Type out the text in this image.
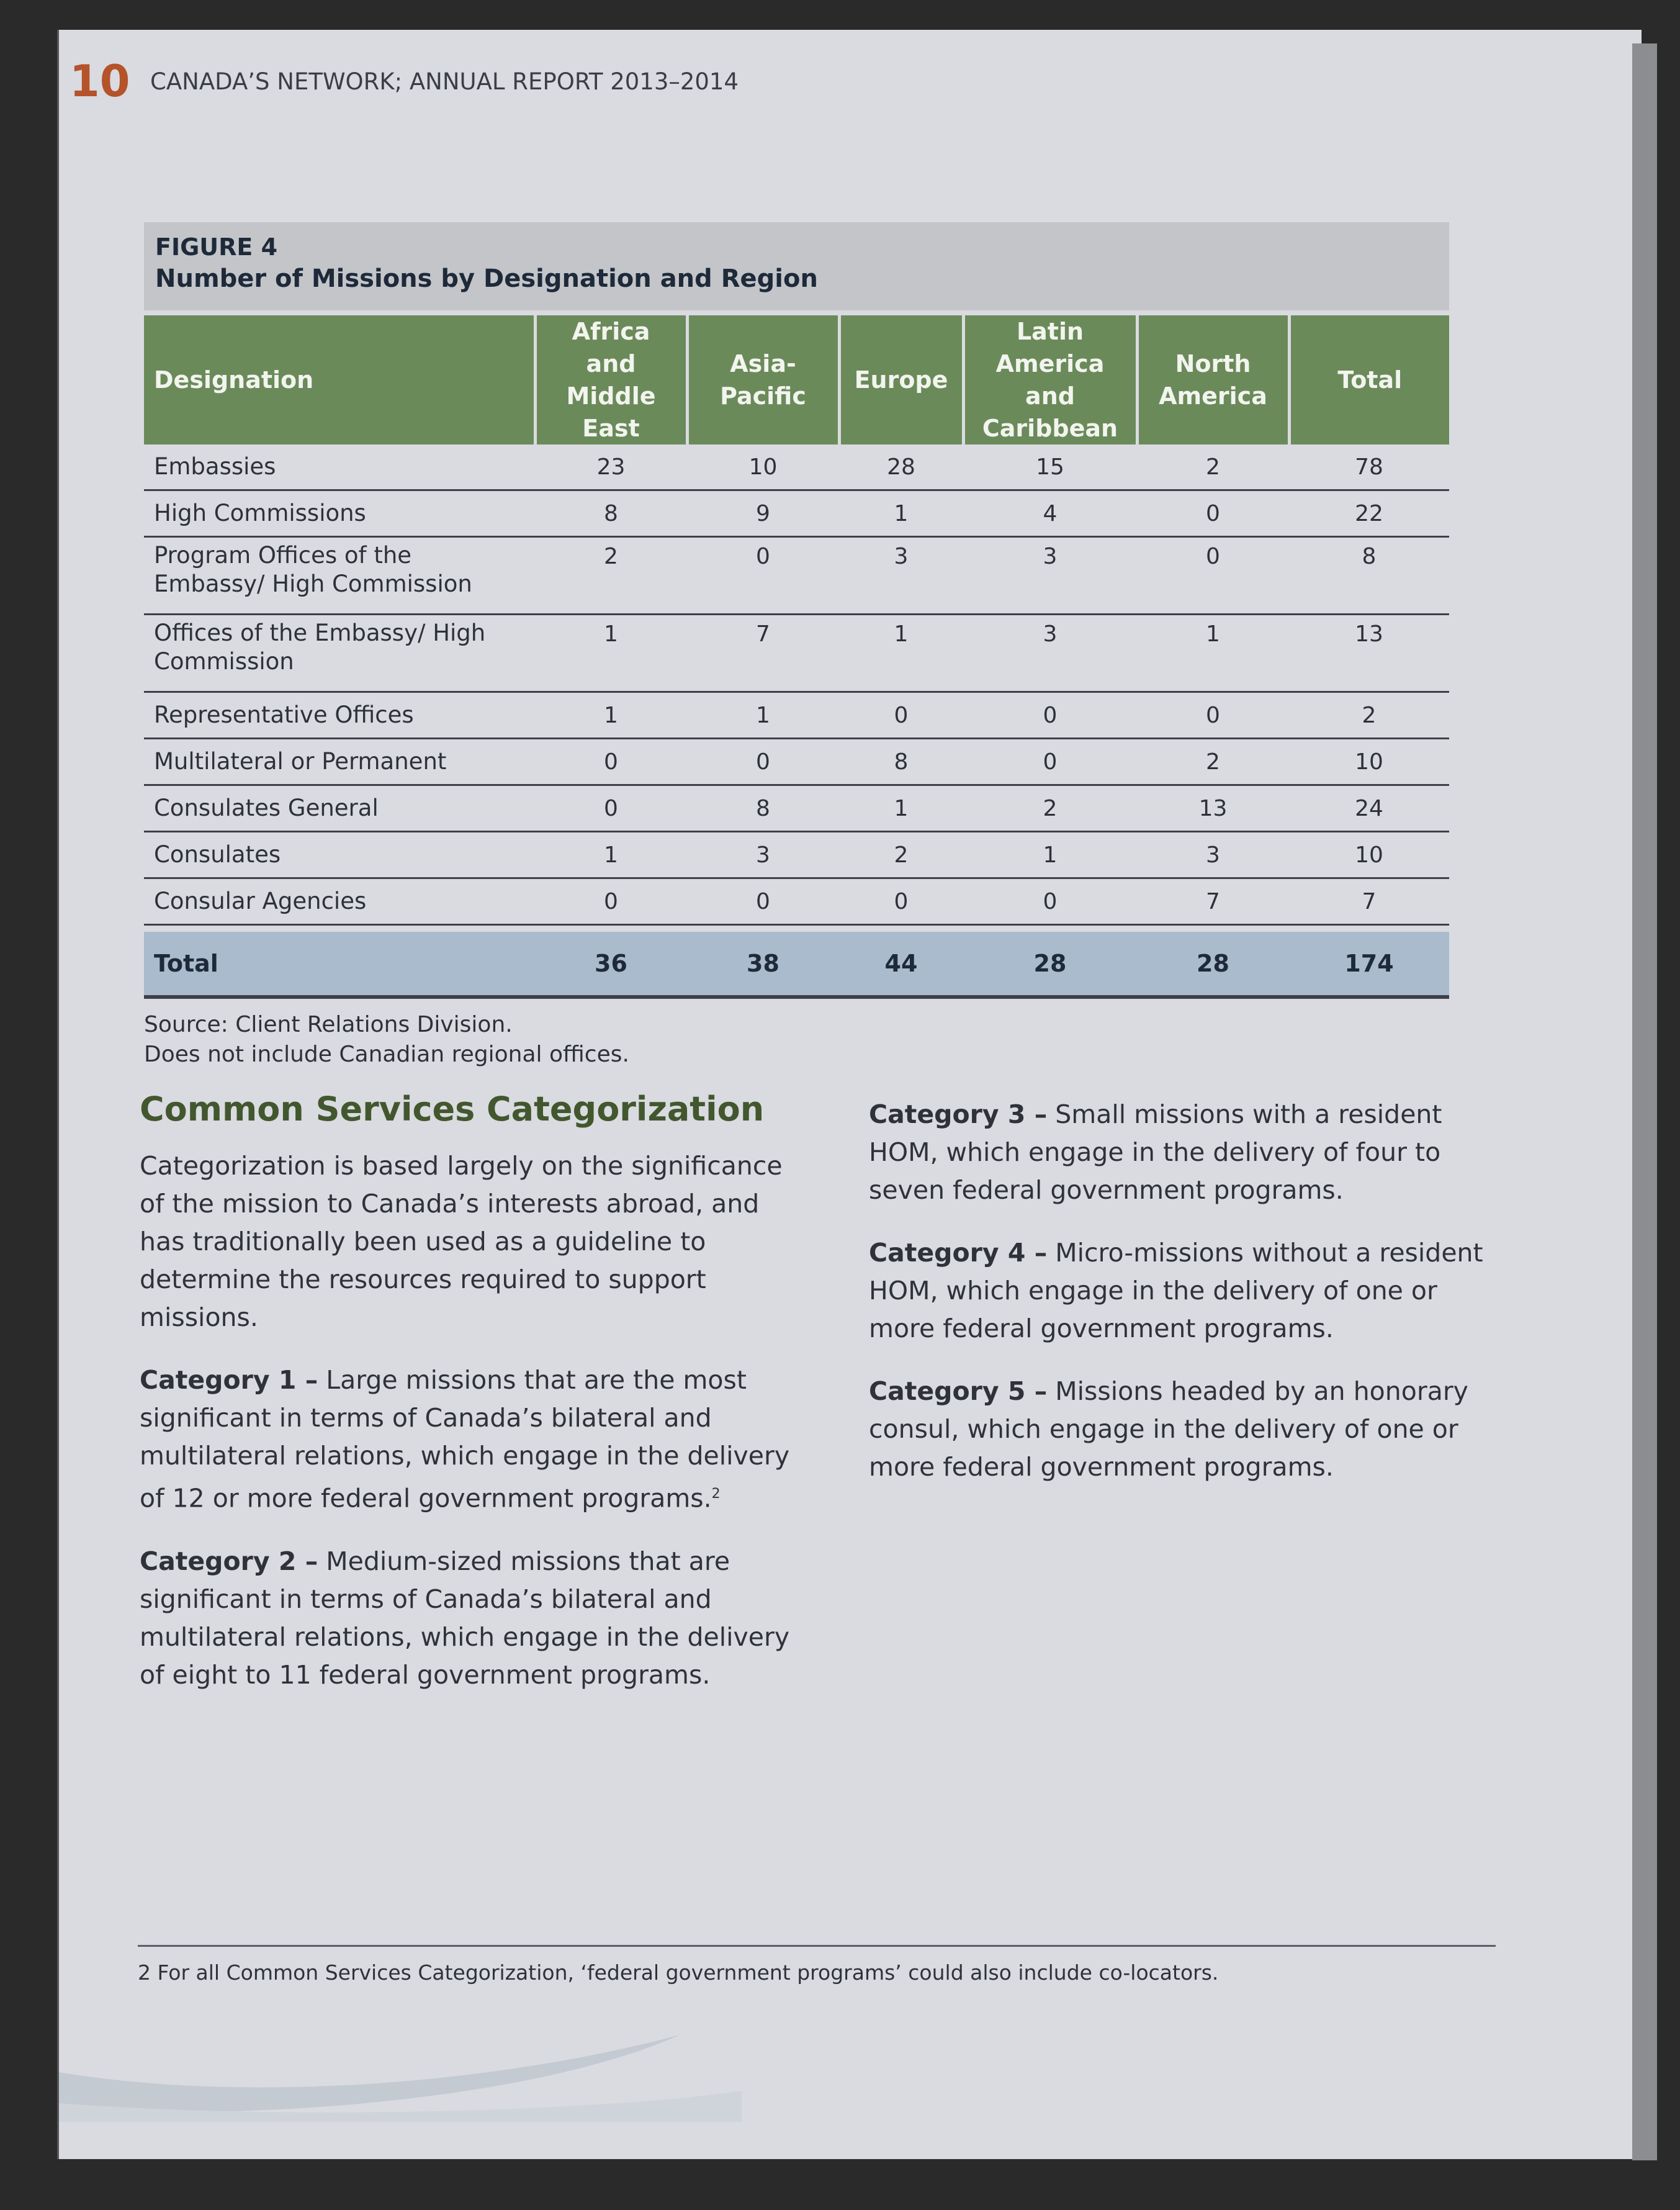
10 CANADA’S NETWORK; ANNUAL REPORT 2013–2014
FIGURE 4
Number of Missions by Designation and Region
Designation	Africa and Middle East	Asia-Pacific	Europe	Latin America and Caribbean	North America	Total
Embassies	23	10	28	15	2	78
High Commissions	8	9	1	4	0	22
Program Offices of the Embassy/ High Commission	2	0	3	3	0	8
Offices of the Embassy/ High Commission	1	7	1	3	1	13
Representative Offices	1	1	0	0	0	2
Multilateral or Permanent	0	0	8	0	2	10
Consulates General	0	8	1	2	13	24
Consulates	1	3	2	1	3	10
Consular Agencies	0	0	0	0	7	7

Total	36	38	44	28	28	174
Source: Client Relations Division.
Does not include Canadian regional offices.
Common Services Categorization

Categorization is based largely on the significance of the mission to Canada’s interests abroad, and has traditionally been used as a guideline to determine the resources required to support missions.

Category 1 – Large missions that are the most significant in terms of Canada’s bilateral and multilateral relations, which engage in the delivery of 12 or more federal government programs.$^2$

Category 2 – Medium-sized missions that are significant in terms of Canada’s bilateral and multilateral relations, which engage in the delivery of eight to 11 federal government programs.

Category 3 – Small missions with a resident HOM, which engage in the delivery of four to seven federal government programs.

Category 4 – Micro-missions without a resident HOM, which engage in the delivery of one or more federal government programs.

Category 5 – Missions headed by an honorary consul, which engage in the delivery of one or more federal government programs.

2 For all Common Services Categorization, ‘federal government programs’ could also include co-locators.
